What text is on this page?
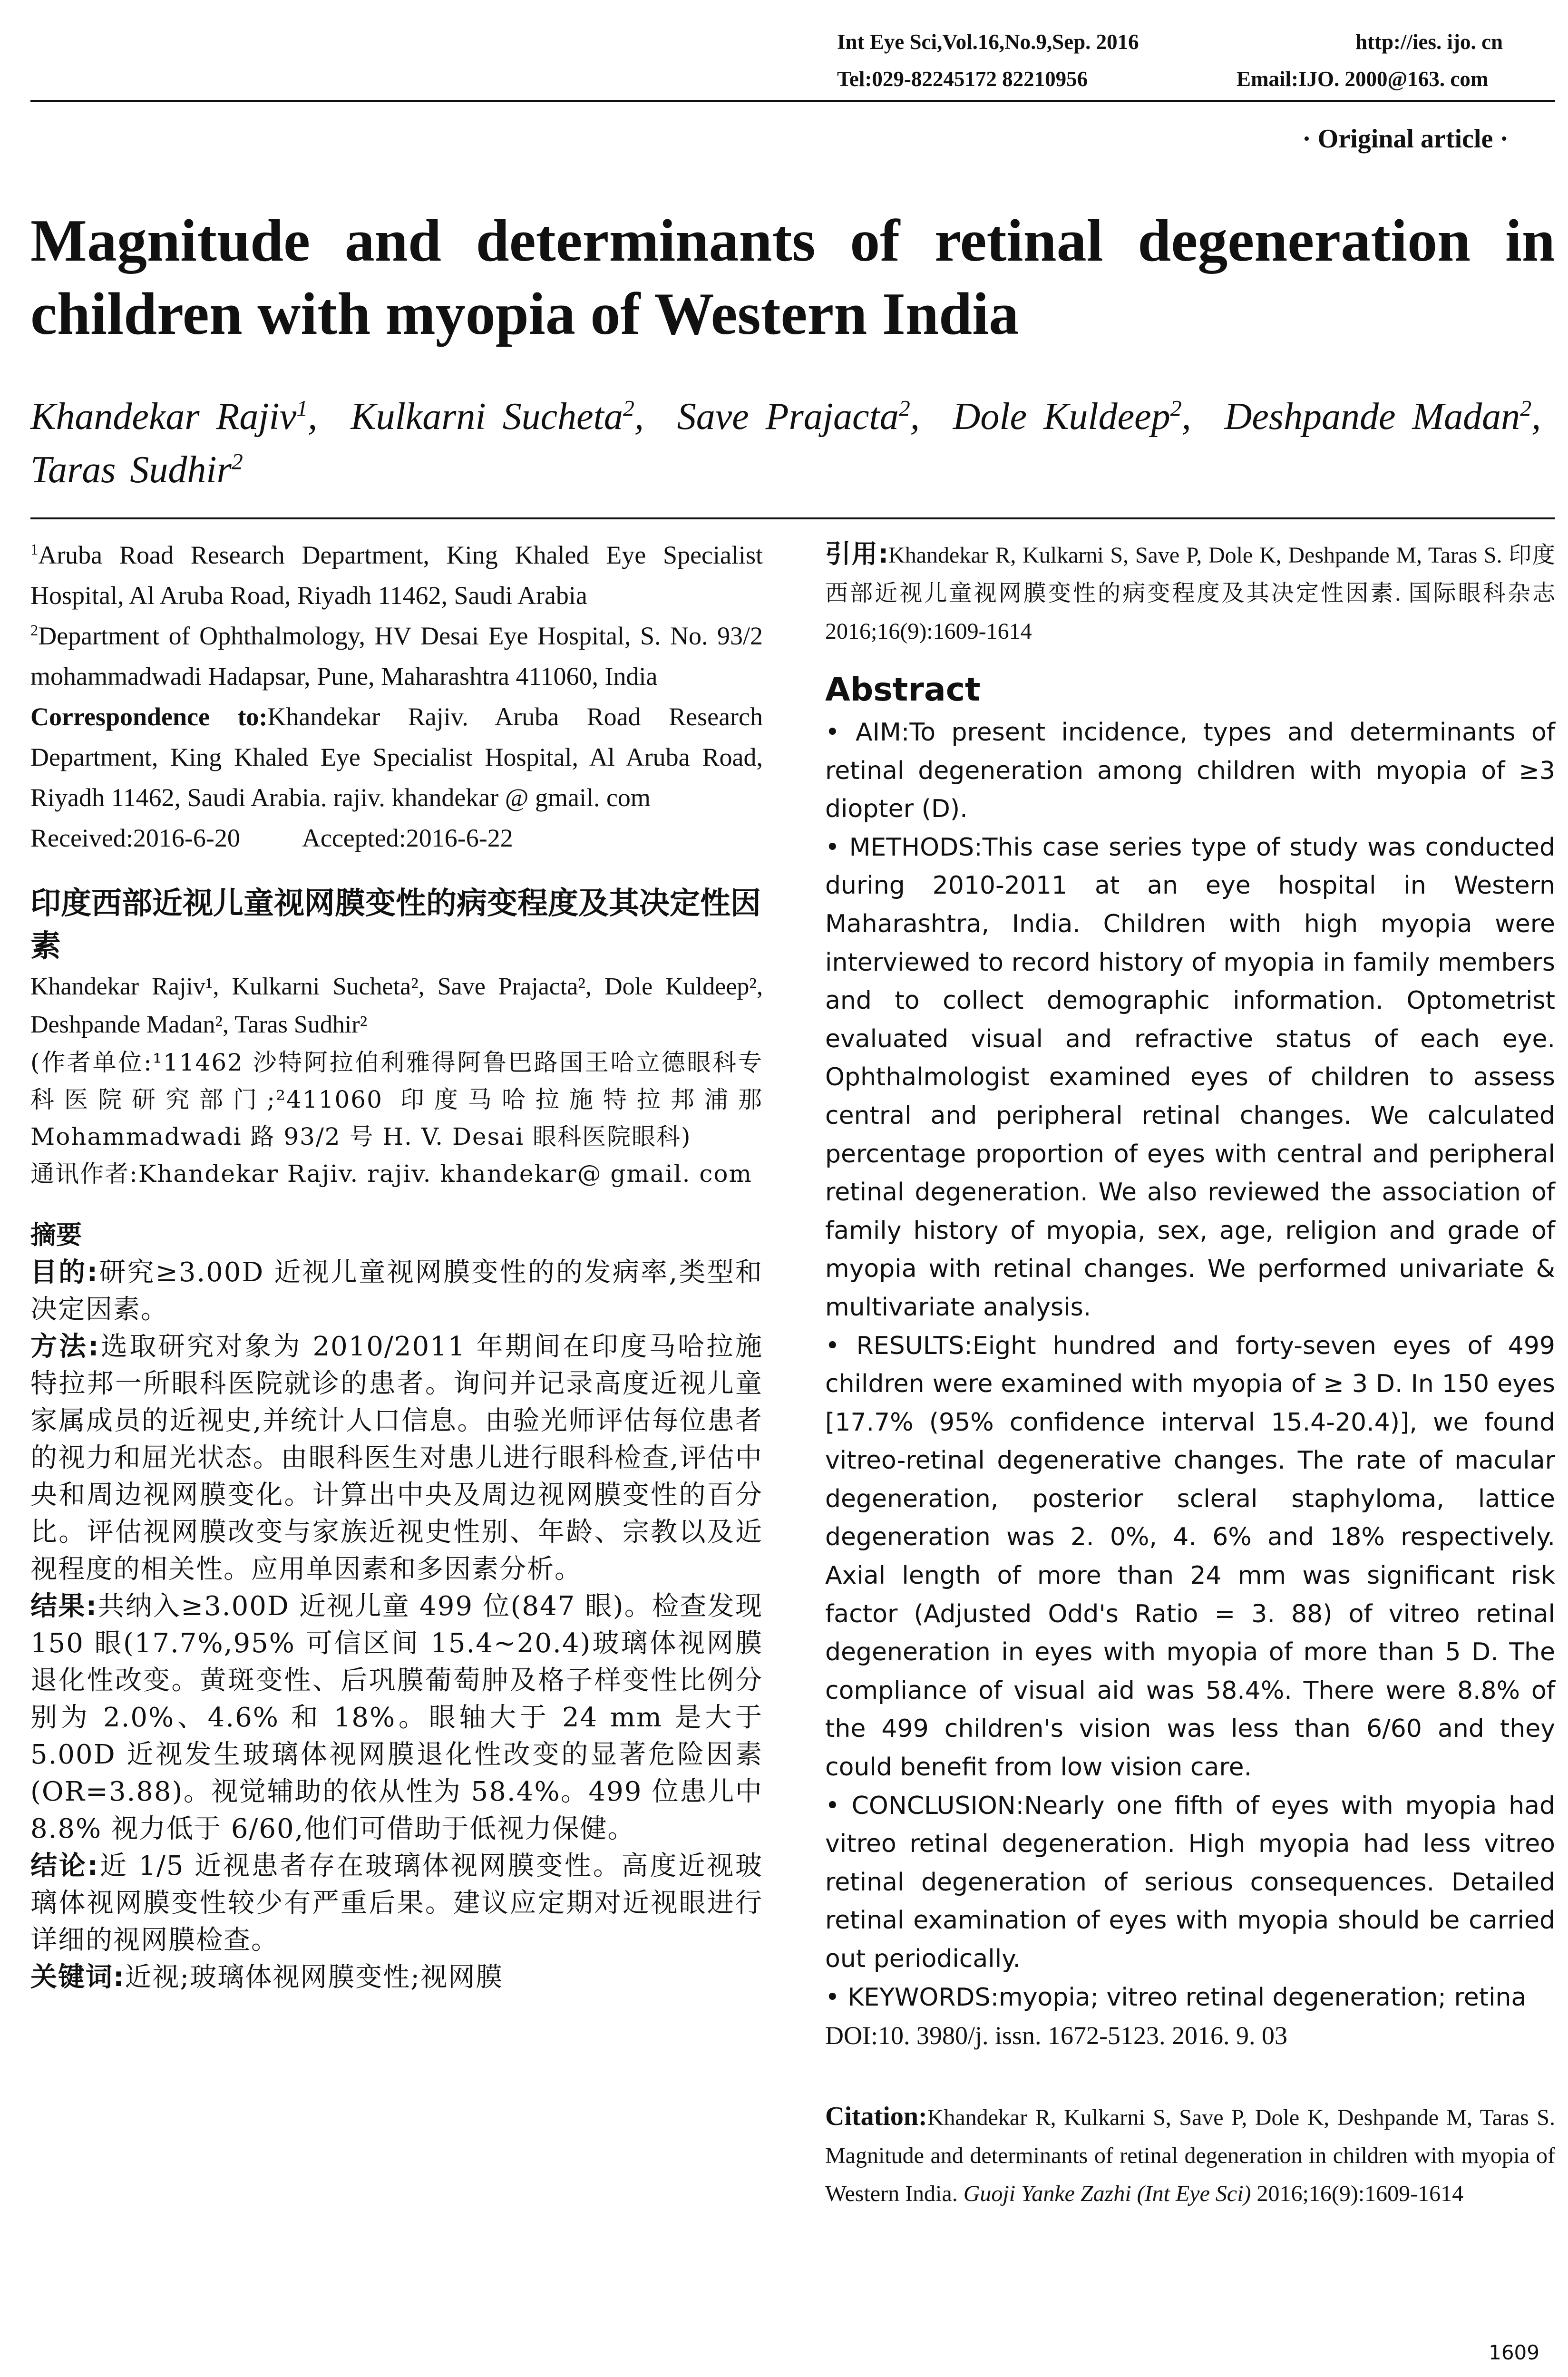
Int Eye Sci,Vol.16,No.9,Sep. 2016	http://ies. ijo. cn
Tel:029-82245172 82210956	Email:IJO. 2000@163. com
· Original article ·
Magnitude and determinants of retinal degeneration in children with myopia of Western India
Khandekar Rajiv$^1$,  Kulkarni Sucheta$^2$,  Save Prajacta$^2$,  Dole Kuldeep$^2$,  Deshpande Madan$^2$,  Taras Sudhir$^2$

$^1$Aruba Road Research Department, King Khaled Eye Specialist Hospital, Al Aruba Road, Riyadh 11462, Saudi Arabia

$^2$Department of Ophthalmology, HV Desai Eye Hospital, S. No. 93/2 mohammadwadi Hadapsar, Pune, Maharashtra 411060, India

Correspondence to:Khandekar Rajiv. Aruba Road Research Department, King Khaled Eye Specialist Hospital, Al Aruba Road, Riyadh 11462, Saudi Arabia. rajiv. khandekar @ gmail. com

Received:2016-6-20 Accepted:2016-6-22

印度西部近视儿童视网膜变性的病变程度及其决定性因素

Khandekar Rajiv¹, Kulkarni Sucheta², Save Prajacta², Dole Kuldeep², Deshpande Madan², Taras Sudhir²

(作者单位:¹11462 沙特阿拉伯利雅得阿鲁巴路国王哈立德眼科专科医院研究部门;²411060 印度马哈拉施特拉邦浦那 Mohammadwadi 路 93/2 号 H. V. Desai 眼科医院眼科)

通讯作者:Khandekar Rajiv. rajiv. khandekar@ gmail. com

摘要

目的:研究≥3.00D 近视儿童视网膜变性的的发病率,类型和决定因素。

方法:选取研究对象为 2010/2011 年期间在印度马哈拉施特拉邦一所眼科医院就诊的患者。询问并记录高度近视儿童家属成员的近视史,并统计人口信息。由验光师评估每位患者的视力和屈光状态。由眼科医生对患儿进行眼科检查,评估中央和周边视网膜变化。计算出中央及周边视网膜变性的百分比。评估视网膜改变与家族近视史性别、年龄、宗教以及近视程度的相关性。应用单因素和多因素分析。

结果:共纳入≥3.00D 近视儿童 499 位(847 眼)。检查发现 150 眼(17.7%,95% 可信区间 15.4~20.4)玻璃体视网膜退化性改变。黄斑变性、后巩膜葡萄肿及格子样变性比例分别为 2.0%、4.6% 和 18%。眼轴大于 24 mm 是大于 5.00D 近视发生玻璃体视网膜退化性改变的显著危险因素(OR=3.88)。视觉辅助的依从性为 58.4%。499 位患儿中 8.8% 视力低于 6/60,他们可借助于低视力保健。

结论:近 1/5 近视患者存在玻璃体视网膜变性。高度近视玻璃体视网膜变性较少有严重后果。建议应定期对近视眼进行详细的视网膜检查。

关键词:近视;玻璃体视网膜变性;视网膜

引用:Khandekar R, Kulkarni S, Save P, Dole K, Deshpande M, Taras S. 印度西部近视儿童视网膜变性的病变程度及其决定性因素. 国际眼科杂志 2016;16(9):1609-1614

Abstract

• AIM:To present incidence, types and determinants of retinal degeneration among children with myopia of ≥3 diopter (D).

• METHODS:This case series type of study was conducted during 2010-2011 at an eye hospital in Western Maharashtra, India. Children with high myopia were interviewed to record history of myopia in family members and to collect demographic information. Optometrist evaluated visual and refractive status of each eye. Ophthalmologist examined eyes of children to assess central and peripheral retinal changes. We calculated percentage proportion of eyes with central and peripheral retinal degeneration. We also reviewed the association of family history of myopia, sex, age, religion and grade of myopia with retinal changes. We performed univariate & multivariate analysis.

• RESULTS:Eight hundred and forty-seven eyes of 499 children were examined with myopia of ≥ 3 D. In 150 eyes [17.7% (95% confidence interval 15.4-20.4)], we found vitreo-retinal degenerative changes. The rate of macular degeneration, posterior scleral staphyloma, lattice degeneration was 2. 0%, 4. 6% and 18% respectively. Axial length of more than 24 mm was significant risk factor (Adjusted Odd's Ratio = 3. 88) of vitreo retinal degeneration in eyes with myopia of more than 5 D. The compliance of visual aid was 58.4%. There were 8.8% of the 499 children's vision was less than 6/60 and they could benefit from low vision care.

• CONCLUSION:Nearly one fifth of eyes with myopia had vitreo retinal degeneration. High myopia had less vitreo retinal degeneration of serious consequences. Detailed retinal examination of eyes with myopia should be carried out periodically.

• KEYWORDS:myopia; vitreo retinal degeneration; retina

DOI:10. 3980/j. issn. 1672-5123. 2016. 9. 03

Citation:Khandekar R, Kulkarni S, Save P, Dole K, Deshpande M, Taras S. Magnitude and determinants of retinal degeneration in children with myopia of Western India. Guoji Yanke Zazhi (Int Eye Sci) 2016;16(9):1609-1614

1609
